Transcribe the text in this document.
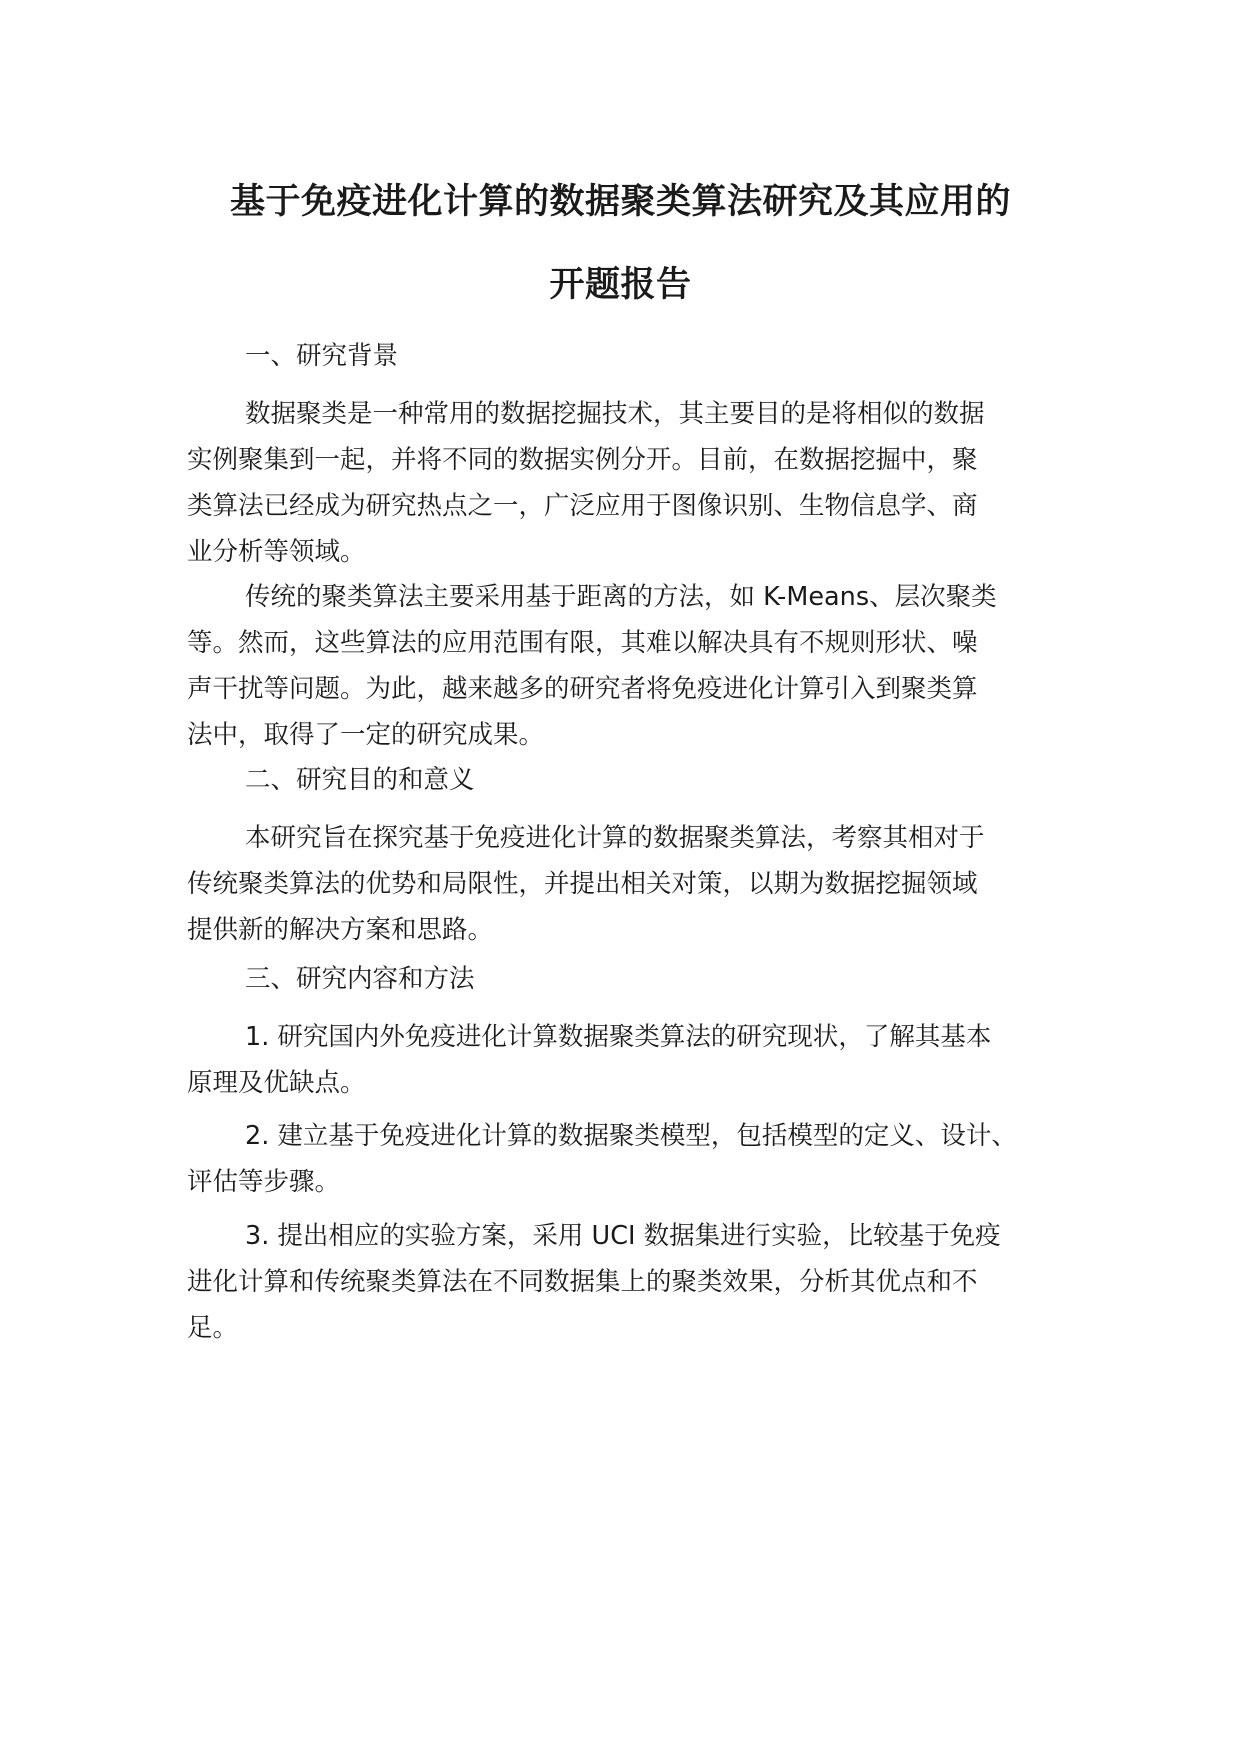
基于免疫进化计算的数据聚类算法研究及其应用的
开题报告
一、研究背景
数据聚类是一种常用的数据挖掘技术，其主要目的是将相似的数据
实例聚集到一起，并将不同的数据实例分开。目前，在数据挖掘中，聚
类算法已经成为研究热点之一，广泛应用于图像识别、生物信息学、商
业分析等领域。
传统的聚类算法主要采用基于距离的方法，如 K-Means、层次聚类
等。然而，这些算法的应用范围有限，其难以解决具有不规则形状、噪
声干扰等问题。为此，越来越多的研究者将免疫进化计算引入到聚类算
法中，取得了一定的研究成果。
二、研究目的和意义
本研究旨在探究基于免疫进化计算的数据聚类算法，考察其相对于
传统聚类算法的优势和局限性，并提出相关对策，以期为数据挖掘领域
提供新的解决方案和思路。
三、研究内容和方法
1. 研究国内外免疫进化计算数据聚类算法的研究现状，了解其基本
原理及优缺点。
2. 建立基于免疫进化计算的数据聚类模型，包括模型的定义、设计、
评估等步骤。
3. 提出相应的实验方案，采用 UCI 数据集进行实验，比较基于免疫
进化计算和传统聚类算法在不同数据集上的聚类效果，分析其优点和不
足。
